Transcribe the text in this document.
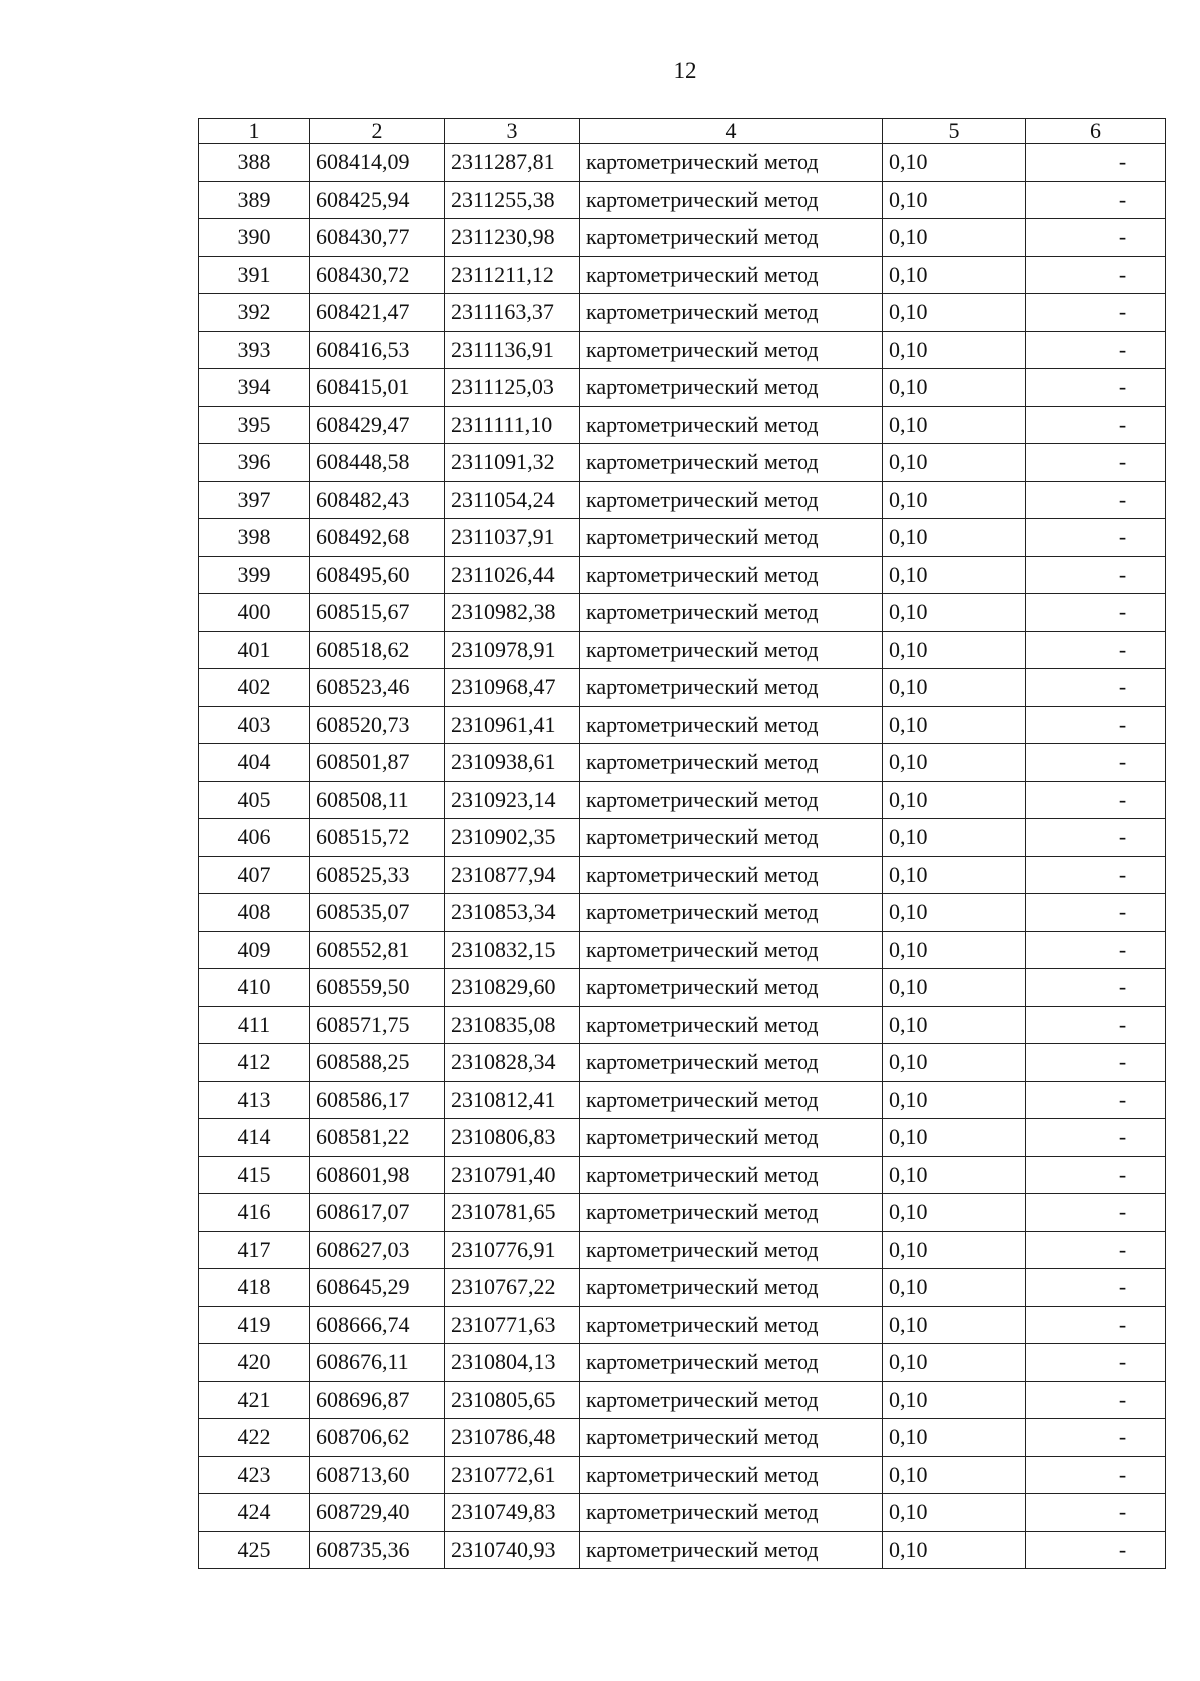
12
1	2	3	4	5	6
388	608414,09	2311287,81	картометрический метод	0,10	-
389	608425,94	2311255,38	картометрический метод	0,10	-
390	608430,77	2311230,98	картометрический метод	0,10	-
391	608430,72	2311211,12	картометрический метод	0,10	-
392	608421,47	2311163,37	картометрический метод	0,10	-
393	608416,53	2311136,91	картометрический метод	0,10	-
394	608415,01	2311125,03	картометрический метод	0,10	-
395	608429,47	2311111,10	картометрический метод	0,10	-
396	608448,58	2311091,32	картометрический метод	0,10	-
397	608482,43	2311054,24	картометрический метод	0,10	-
398	608492,68	2311037,91	картометрический метод	0,10	-
399	608495,60	2311026,44	картометрический метод	0,10	-
400	608515,67	2310982,38	картометрический метод	0,10	-
401	608518,62	2310978,91	картометрический метод	0,10	-
402	608523,46	2310968,47	картометрический метод	0,10	-
403	608520,73	2310961,41	картометрический метод	0,10	-
404	608501,87	2310938,61	картометрический метод	0,10	-
405	608508,11	2310923,14	картометрический метод	0,10	-
406	608515,72	2310902,35	картометрический метод	0,10	-
407	608525,33	2310877,94	картометрический метод	0,10	-
408	608535,07	2310853,34	картометрический метод	0,10	-
409	608552,81	2310832,15	картометрический метод	0,10	-
410	608559,50	2310829,60	картометрический метод	0,10	-
411	608571,75	2310835,08	картометрический метод	0,10	-
412	608588,25	2310828,34	картометрический метод	0,10	-
413	608586,17	2310812,41	картометрический метод	0,10	-
414	608581,22	2310806,83	картометрический метод	0,10	-
415	608601,98	2310791,40	картометрический метод	0,10	-
416	608617,07	2310781,65	картометрический метод	0,10	-
417	608627,03	2310776,91	картометрический метод	0,10	-
418	608645,29	2310767,22	картометрический метод	0,10	-
419	608666,74	2310771,63	картометрический метод	0,10	-
420	608676,11	2310804,13	картометрический метод	0,10	-
421	608696,87	2310805,65	картометрический метод	0,10	-
422	608706,62	2310786,48	картометрический метод	0,10	-
423	608713,60	2310772,61	картометрический метод	0,10	-
424	608729,40	2310749,83	картометрический метод	0,10	-
425	608735,36	2310740,93	картометрический метод	0,10	-
